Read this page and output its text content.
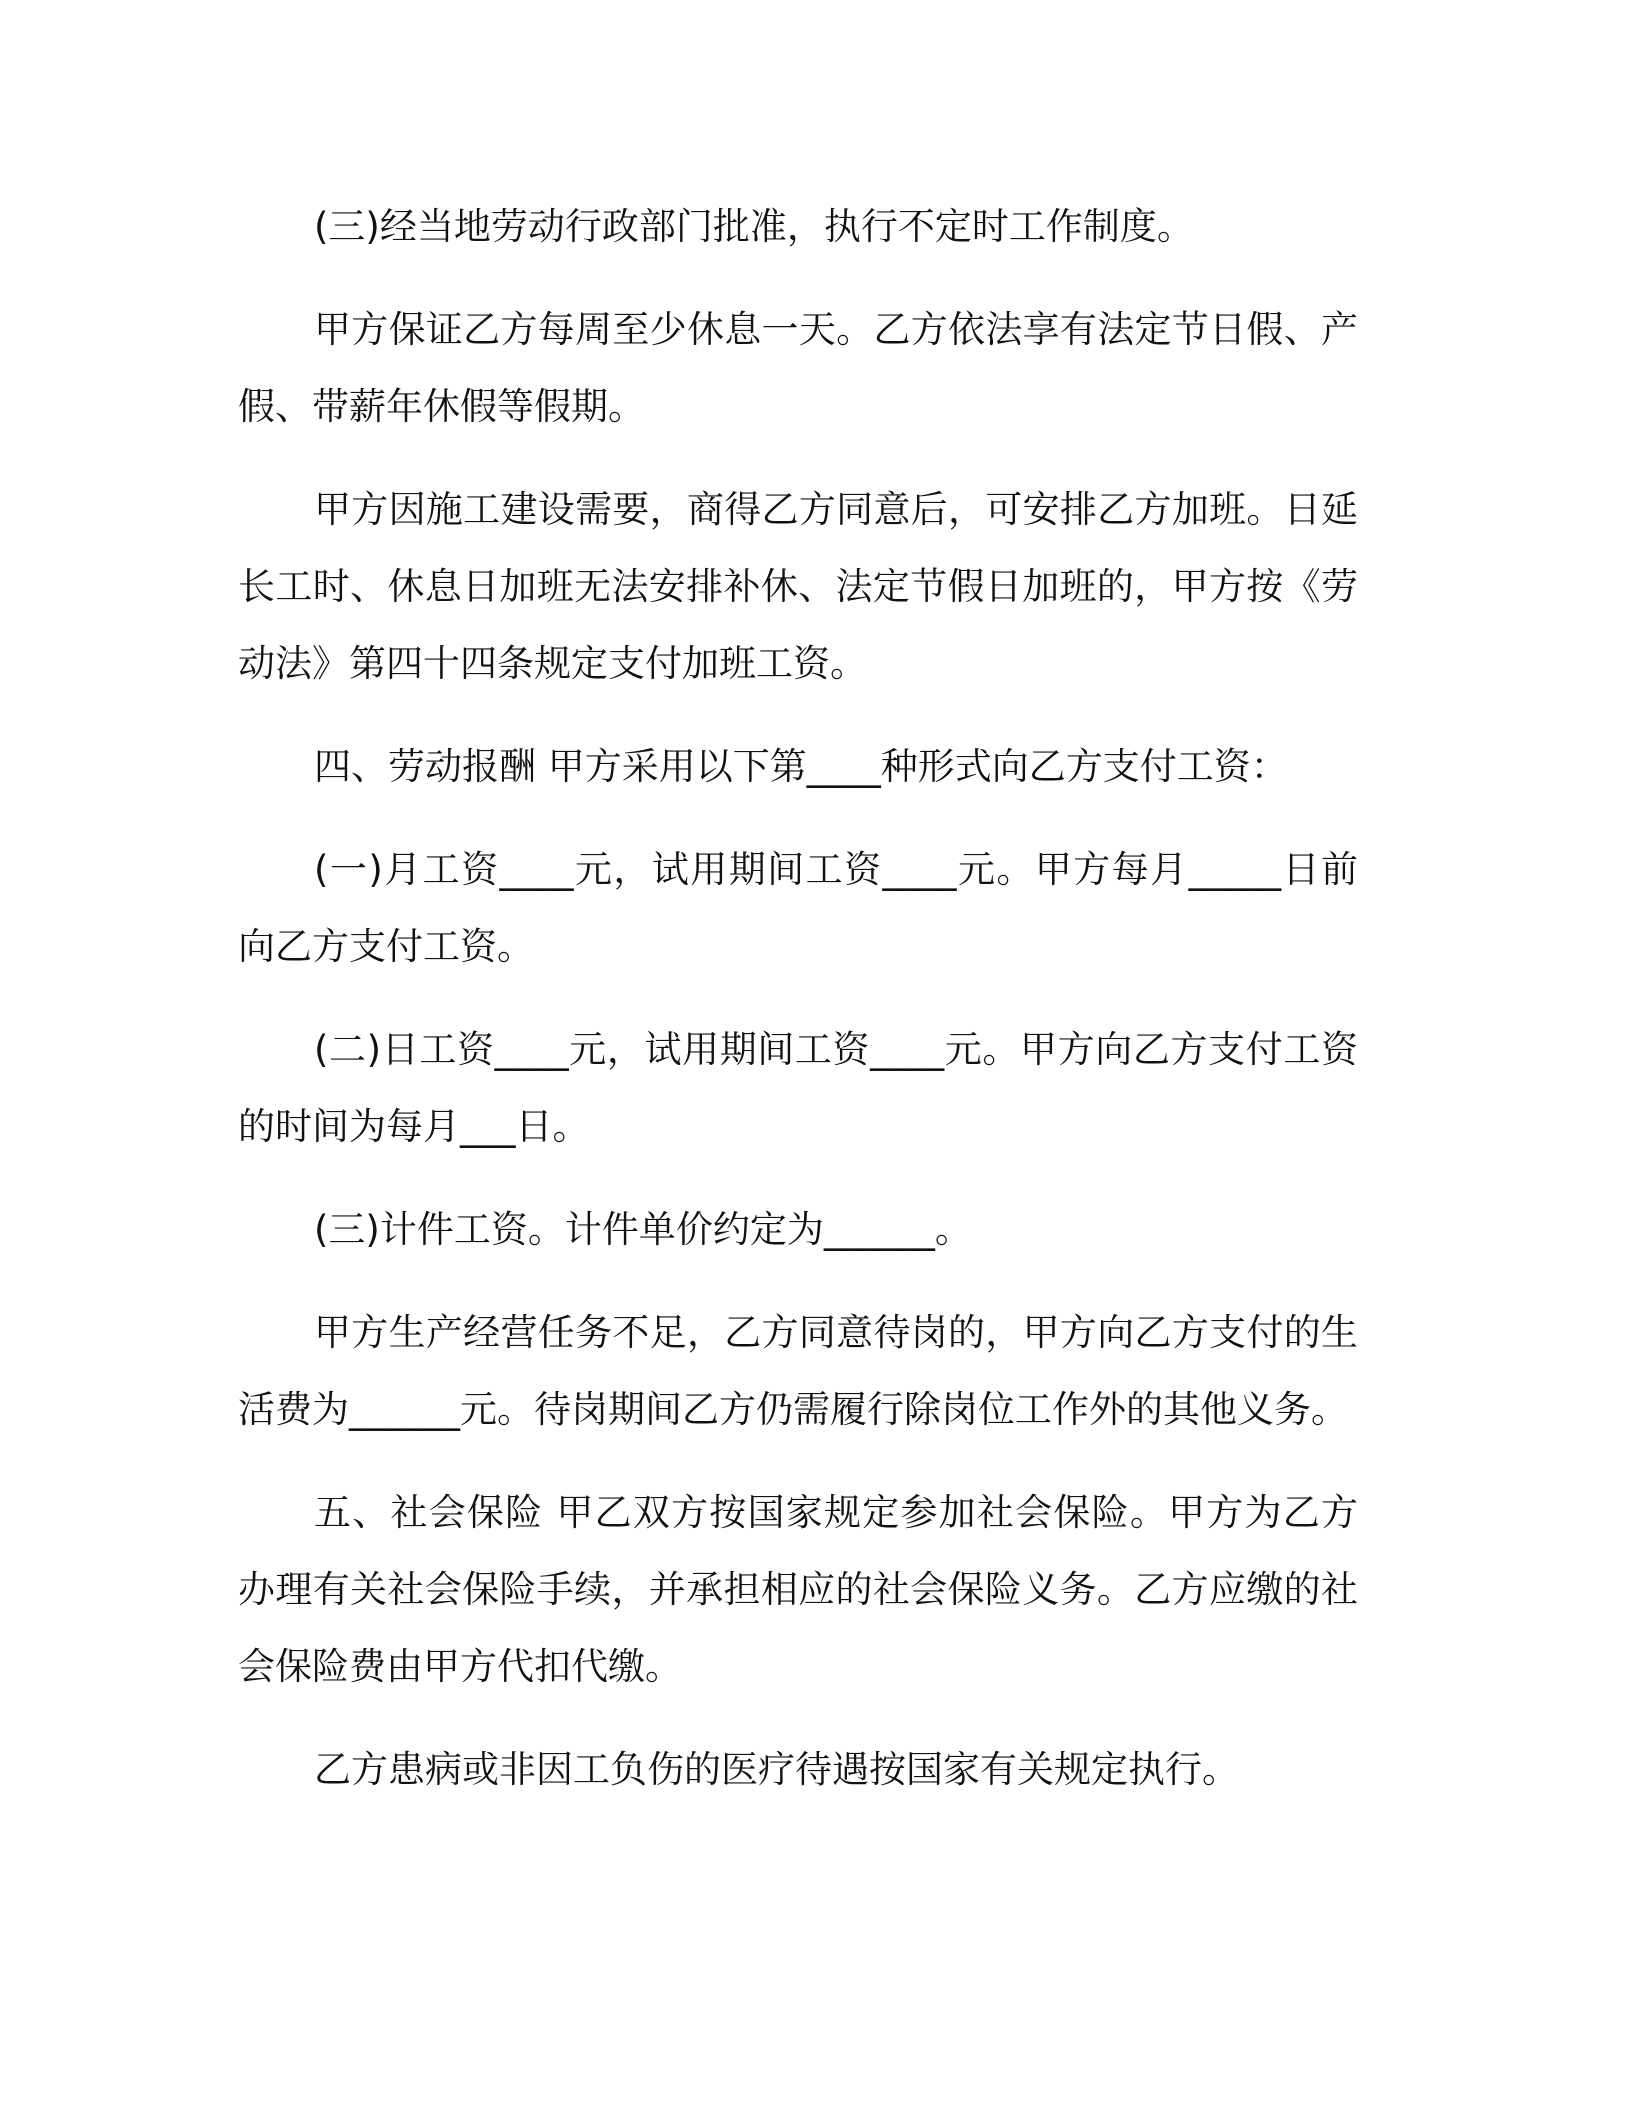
(三)经当地劳动行政部门批准，执行不定时工作制度。

甲方保证乙方每周至少休息一天。乙方依法享有法定节日假、产假、带薪年休假等假期。

甲方因施工建设需要，商得乙方同意后，可安排乙方加班。日延长工时、休息日加班无法安排补休、法定节假日加班的，甲方按《劳动法》第四十四条规定支付加班工资。

四、劳动报酬 甲方采用以下第____种形式向乙方支付工资：

(一)月工资____元，试用期间工资____元。甲方每月_____日前向乙方支付工资。

(二)日工资____元，试用期间工资____元。甲方向乙方支付工资的时间为每月___日。

(三)计件工资。计件单价约定为______。

甲方生产经营任务不足，乙方同意待岗的，甲方向乙方支付的生活费为______元。待岗期间乙方仍需履行除岗位工作外的其他义务。

五、社会保险 甲乙双方按国家规定参加社会保险。甲方为乙方办理有关社会保险手续，并承担相应的社会保险义务。乙方应缴的社会保险费由甲方代扣代缴。

乙方患病或非因工负伤的医疗待遇按国家有关规定执行。
